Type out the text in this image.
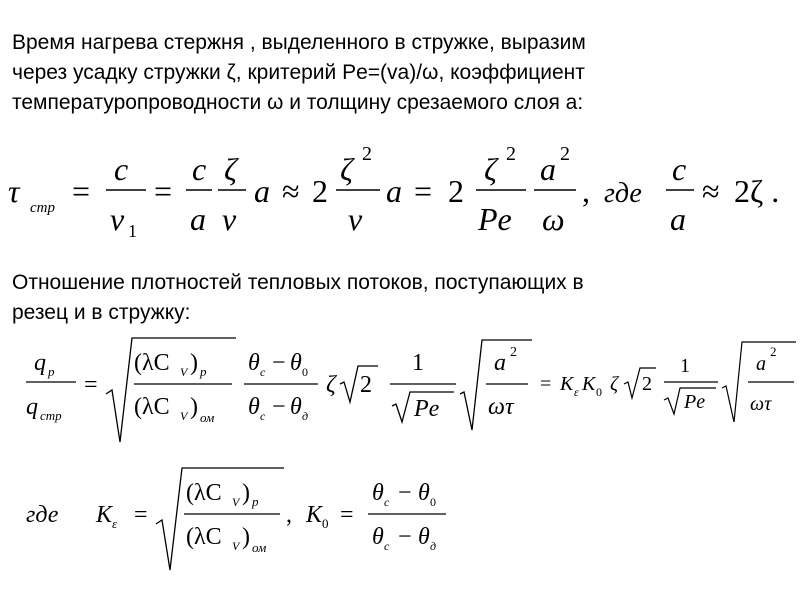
Время нагрева стержня , выделенного в стружке, выразим
через усадку стружки ζ, критерий Pe=(va)/ω, коэффициент
температуропроводности ω и толщину срезаемого слоя a:
τ стр =
c
v 1
=
c
a
ζ
v
a ≈ 2
ζ 2
v
a = 2
ζ 2
Pe
a 2
ω
, где
c
a
≈ 2ζ .
Отношение плотностей тепловых потоков, поступающих в
резец и в стружку:
q p
q стр
=
(λC V ) p
(λC V ) ом
θ c − θ 0
θ c − θ д
ζ 2
1
Pe
a 2
ωτ
= K ε K 0 ζ 2
1
Pe
a
2
ωτ
где K ε =
(λC V ) p
(λC V ) ом
, K 0 =
θ c − θ 0
θ c − θ д
